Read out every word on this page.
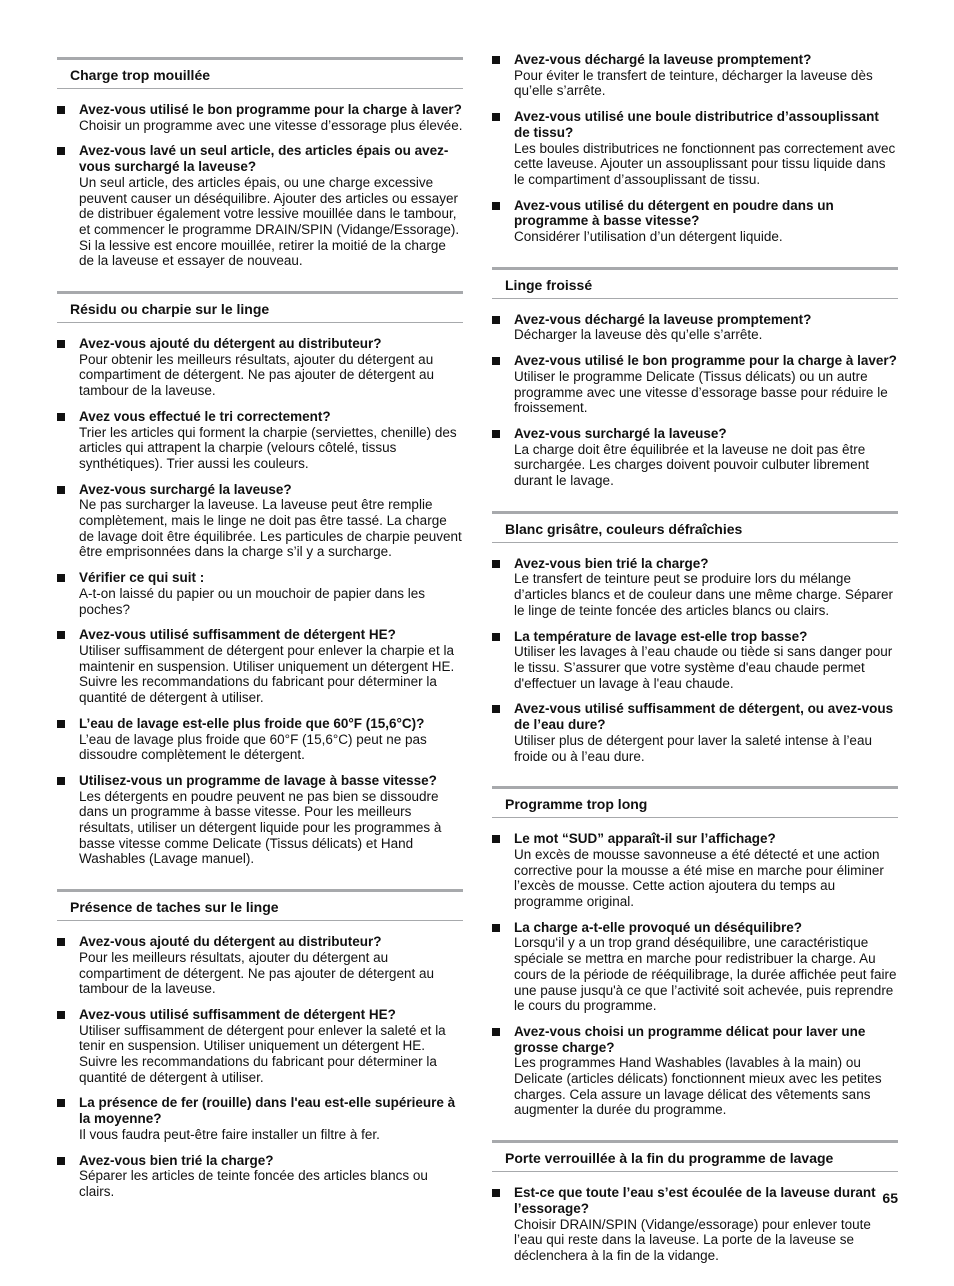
Charge trop mouillée
Avez-vous utilisé le bon programme pour la charge à laver?
Choisir un programme avec une vitesse d’essorage plus élevée.
Avez-vous lavé un seul article, des articles épais ou avez-vous surchargé la laveuse?
Un seul article, des articles épais, ou une charge excessive peuvent causer un déséquilibre. Ajouter des articles ou essayer de distribuer également votre lessive mouillée dans le tambour, et commencer le programme DRAIN/SPIN (Vidange/Essorage). Si la lessive est encore mouillée, retirer la moitié de la charge de la laveuse et essayer de nouveau.
Résidu ou charpie sur le linge
Avez-vous ajouté du détergent au distributeur?
Pour obtenir les meilleurs résultats, ajouter du détergent au compartiment de détergent. Ne pas ajouter de détergent au tambour de la laveuse.
Avez vous effectué le tri correctement?
Trier les articles qui forment la charpie (serviettes, chenille) des articles qui attrapent la charpie (velours côtelé, tissus synthétiques). Trier aussi les couleurs.
Avez-vous surchargé la laveuse?
Ne pas surcharger la laveuse. La laveuse peut être remplie complètement, mais le linge ne doit pas être tassé. La charge de lavage doit être équilibrée. Les particules de charpie peuvent être emprisonnées dans la charge s’il y a surcharge.
Vérifier ce qui suit :
A-t-on laissé du papier ou un mouchoir de papier dans les poches?
Avez-vous utilisé suffisamment de détergent HE?
Utiliser suffisamment de détergent pour enlever la charpie et la maintenir en suspension. Utiliser uniquement un détergent HE. Suivre les recommandations du fabricant pour déterminer la quantité de détergent à utiliser.
L’eau de lavage est-elle plus froide que 60°F (15,6°C)?
L’eau de lavage plus froide que 60°F (15,6°C) peut ne pas dissoudre complètement le détergent.
Utilisez-vous un programme de lavage à basse vitesse?
Les détergents en poudre peuvent ne pas bien se dissoudre dans un programme à basse vitesse. Pour les meilleurs résultats, utiliser un détergent liquide pour les programmes à basse vitesse comme Delicate (Tissus délicats) et Hand Washables (Lavage manuel).
Présence de taches sur le linge
Avez-vous ajouté du détergent au distributeur?
Pour les meilleurs résultats, ajouter du détergent au compartiment de détergent. Ne pas ajouter de détergent au tambour de la laveuse.
Avez-vous utilisé suffisamment de détergent HE?
Utiliser suffisamment de détergent pour enlever la saleté et la tenir en suspension. Utiliser uniquement un détergent HE. Suivre les recommandations du fabricant pour déterminer la quantité de détergent à utiliser.
La présence de fer (rouille) dans l'eau est-elle supérieure à la moyenne?
Il vous faudra peut-être faire installer un filtre à fer.
Avez-vous bien trié la charge?
Séparer les articles de teinte foncée des articles blancs ou clairs.
Avez-vous déchargé la laveuse promptement?
Pour éviter le transfert de teinture, décharger la laveuse dès qu’elle s’arrête.
Avez-vous utilisé une boule distributrice d’assouplissant de tissu?
Les boules distributrices ne fonctionnent pas correctement avec cette laveuse. Ajouter un assouplissant pour tissu liquide dans le compartiment d’assouplissant de tissu.
Avez-vous utilisé du détergent en poudre dans un programme à basse vitesse?
Considérer l’utilisation d’un détergent liquide.
Linge froissé
Avez-vous déchargé la laveuse promptement?
Décharger la laveuse dès qu’elle s’arrête.
Avez-vous utilisé le bon programme pour la charge à laver?
Utiliser le programme Delicate (Tissus délicats) ou un autre programme avec une vitesse d’essorage basse pour réduire le froissement.
Avez-vous surchargé la laveuse?
La charge doit être équilibrée et la laveuse ne doit pas être surchargée. Les charges doivent pouvoir culbuter librement durant le lavage.
Blanc grisâtre, couleurs défraîchies
Avez-vous bien trié la charge?
Le transfert de teinture peut se produire lors du mélange d’articles blancs et de couleur dans une même charge. Séparer le linge de teinte foncée des articles blancs ou clairs.
La température de lavage est-elle trop basse?
Utiliser les lavages à l’eau chaude ou tiède si sans danger pour le tissu. S’assurer que votre système d'eau chaude permet d'effectuer un lavage à l'eau chaude.
Avez-vous utilisé suffisamment de détergent, ou avez-vous de l’eau dure?
Utiliser plus de détergent pour laver la saleté intense à l’eau froide ou à l’eau dure.
Programme trop long
Le mot “SUD” apparaît-il sur l’affichage?
Un excès de mousse savonneuse a été détecté et une action corrective pour la mousse a été mise en marche pour éliminer l’excès de mousse. Cette action ajoutera du temps au programme original.
La charge a-t-elle provoqué un déséquilibre?
Lorsqu‘il y a un trop grand déséquilibre, une caractéristique spéciale se mettra en marche pour redistribuer la charge. Au cours de la période de rééquilibrage, la durée affichée peut faire une pause jusqu'à ce que l’activité soit achevée, puis reprendre le cours du programme.
Avez-vous choisi un programme délicat pour laver une grosse charge?
Les programmes Hand Washables (lavables à la main) ou Delicate (articles délicats) fonctionnent mieux avec les petites charges. Cela assure un lavage délicat des vêtements sans augmenter la durée du programme.
Porte verrouillée à la fin du programme de lavage
Est-ce que toute l’eau s’est écoulée de la laveuse durant l’essorage?
Choisir DRAIN/SPIN (Vidange/essorage) pour enlever toute l’eau qui reste dans la laveuse. La porte de la laveuse se déclenchera à la fin de la vidange.
65
